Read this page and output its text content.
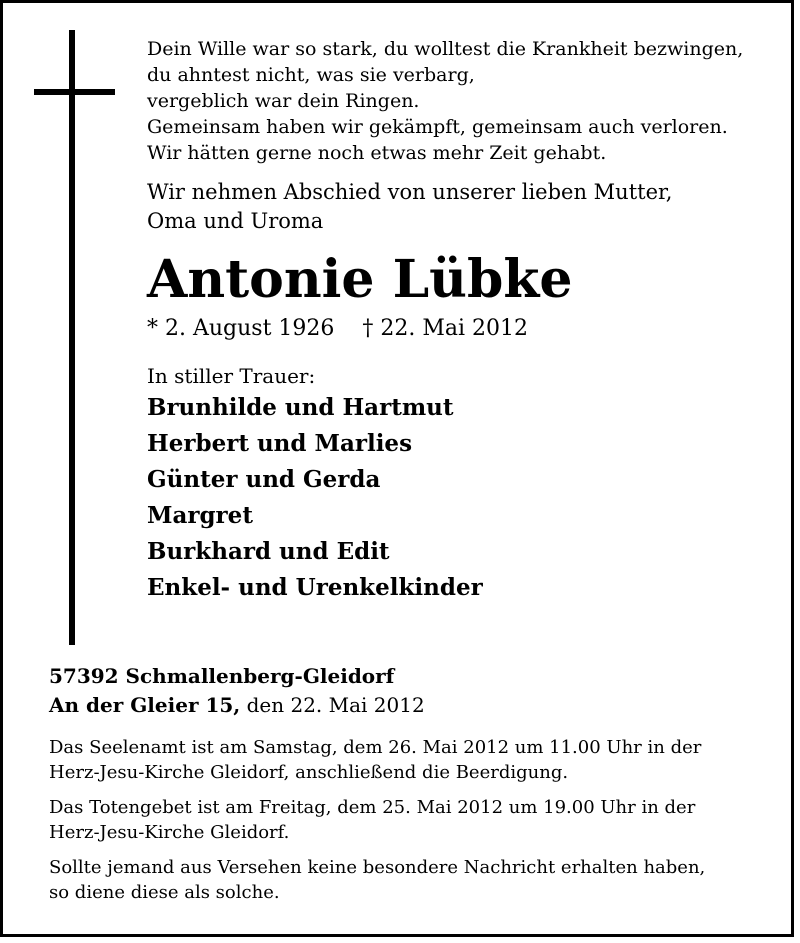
Dein Wille war so stark, du wolltest die Krankheit bezwingen,
du ahntest nicht, was sie verbarg,
vergeblich war dein Ringen.
Gemeinsam haben wir gekämpft, gemeinsam auch verloren.
Wir hätten gerne noch etwas mehr Zeit gehabt.
Wir nehmen Abschied von unserer lieben Mutter,
Oma und Uroma
Antonie Lübke
* 2. August 1926 † 22. Mai 2012
In stiller Trauer:
Brunhilde und Hartmut
Herbert und Marlies
Günter und Gerda
Margret
Burkhard und Edit
Enkel- und Urenkelkinder
57392 Schmallenberg-Gleidorf
An der Gleier 15, den 22. Mai 2012
Das Seelenamt ist am Samstag, dem 26. Mai 2012 um 11.00 Uhr in der
Herz-Jesu-Kirche Gleidorf, anschließend die Beerdigung.
Das Totengebet ist am Freitag, dem 25. Mai 2012 um 19.00 Uhr in der
Herz-Jesu-Kirche Gleidorf.
Sollte jemand aus Versehen keine besondere Nachricht erhalten haben,
so diene diese als solche.
